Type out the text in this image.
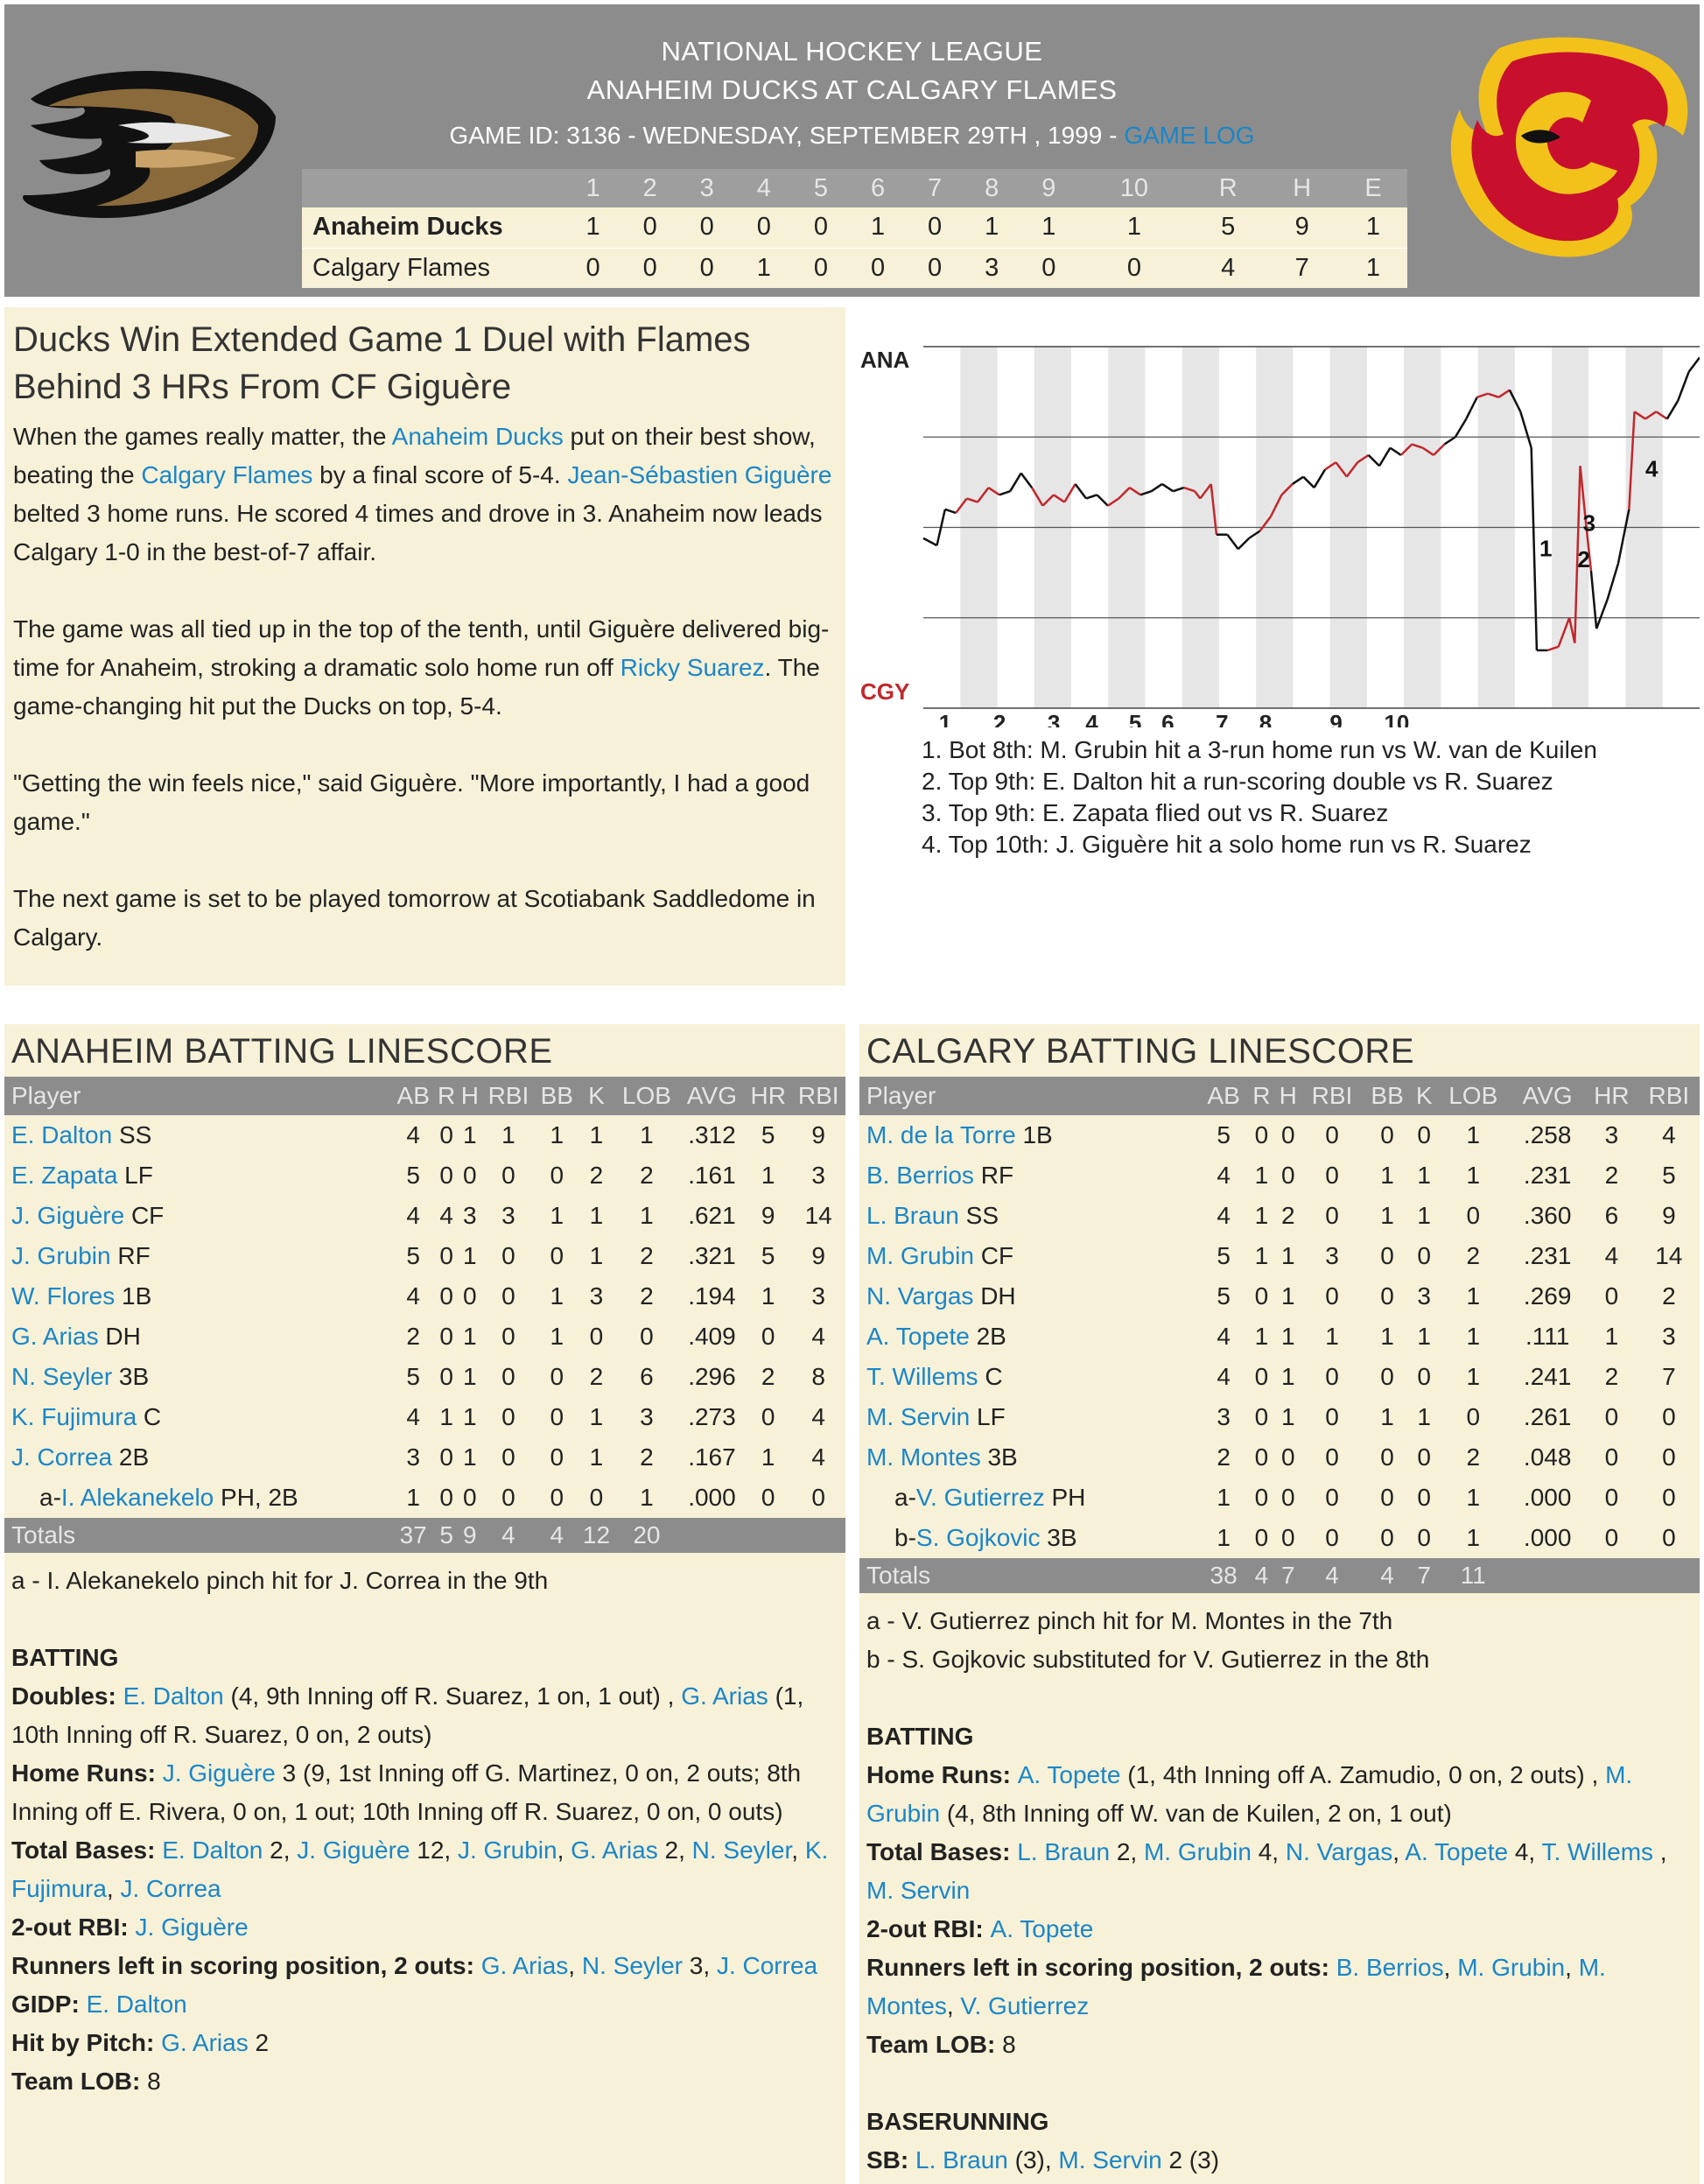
NATIONAL HOCKEY LEAGUE
ANAHEIM DUCKS AT CALGARY FLAMES
GAME ID: 3136 - WEDNESDAY, SEPTEMBER 29TH , 1999 - GAME LOG
	1	2	3	4	5	6	7	8	9	10	R	H	E
Anaheim Ducks	1	0	0	0	0	1	0	1	1	1	5	9	1
Calgary Flames	0	0	0	1	0	0	0	3	0	0	4	7	1
Ducks Win Extended Game 1 Duel with Flames Behind 3 HRs From CF Giguère
When the games really matter, the Anaheim Ducks put on their best show, beating the Calgary Flames by a final score of 5-4. Jean-Sébastien Giguère belted 3 home runs. He scored 4 times and drove in 3. Anaheim now leads Calgary 1-0 in the best-of-7 affair.
The game was all tied up in the top of the tenth, until Giguère delivered big-time for Anaheim, stroking a dramatic solo home run off Ricky Suarez. The game-changing hit put the Ducks on top, 5-4.
"Getting the win feels nice," said Giguère. "More importantly, I had a good game."
The next game is set to be played tomorrow at Scotiabank Saddledome in Calgary.
ANA
CGY
1 2 3 4 5 6 7 8	9 10
1 2
3
4
1. Bot 8th: M. Grubin hit a 3-run home run vs W. van de Kuilen
2. Top 9th: E. Dalton hit a run-scoring double vs R. Suarez
3. Top 9th: E. Zapata flied out vs R. Suarez
4. Top 10th: J. Giguère hit a solo home run vs R. Suarez
ANAHEIM BATTING LINESCORE
Player	AB	R	H	RBI	BB	K	LOB	AVG	HR	RBI
E. Dalton SS	4	0	1	1	1	1	1	.312	5	9
E. Zapata LF	5	0	0	0	0	2	2	.161	1	3
J. Giguère CF	4	4	3	3	1	1	1	.621	9	14
J. Grubin RF	5	0	1	0	0	1	2	.321	5	9
W. Flores 1B	4	0	0	0	1	3	2	.194	1	3
G. Arias DH	2	0	1	0	1	0	0	.409	0	4
N. Seyler 3B	5	0	1	0	0	2	6	.296	2	8
K. Fujimura C	4	1	1	0	0	1	3	.273	0	4
J. Correa 2B	3	0	1	0	0	1	2	.167	1	4
a-I. Alekanekelo PH, 2B	1	0	0	0	0	0	1	.000	0	0
Totals	37	5	9	4	4	12	20			
a - I. Alekanekelo pinch hit for J. Correa in the 9th
BATTING
Doubles: E. Dalton (4, 9th Inning off R. Suarez, 1 on, 1 out) , G. Arias (1, 10th Inning off R. Suarez, 0 on, 2 outs)
Home Runs: J. Giguère 3 (9, 1st Inning off G. Martinez, 0 on, 2 outs; 8th Inning off E. Rivera, 0 on, 1 out; 10th Inning off R. Suarez, 0 on, 0 outs)
Total Bases: E. Dalton 2, J. Giguère 12, J. Grubin, G. Arias 2, N. Seyler, K. Fujimura, J. Correa
2-out RBI: J. Giguère
Runners left in scoring position, 2 outs: G. Arias, N. Seyler 3, J. Correa
GIDP: E. Dalton
Hit by Pitch: G. Arias 2
Team LOB: 8
CALGARY BATTING LINESCORE
Player	AB	R	H	RBI	BB	K	LOB	AVG	HR	RBI
M. de la Torre 1B	5	0	0	0	0	0	1	.258	3	4
B. Berrios RF	4	1	0	0	1	1	1	.231	2	5
L. Braun SS	4	1	2	0	1	1	0	.360	6	9
M. Grubin CF	5	1	1	3	0	0	2	.231	4	14
N. Vargas DH	5	0	1	0	0	3	1	.269	0	2
A. Topete 2B	4	1	1	1	1	1	1	.111	1	3
T. Willems C	4	0	1	0	0	0	1	.241	2	7
M. Servin LF	3	0	1	0	1	1	0	.261	0	0
M. Montes 3B	2	0	0	0	0	0	2	.048	0	0
a-V. Gutierrez PH	1	0	0	0	0	0	1	.000	0	0
b-S. Gojkovic 3B	1	0	0	0	0	0	1	.000	0	0
Totals	38	4	7	4	4	7	11			
a - V. Gutierrez pinch hit for M. Montes in the 7th
b - S. Gojkovic substituted for V. Gutierrez in the 8th
BATTING
Home Runs: A. Topete (1, 4th Inning off A. Zamudio, 0 on, 2 outs) , M. Grubin (4, 8th Inning off W. van de Kuilen, 2 on, 1 out)
Total Bases: L. Braun 2, M. Grubin 4, N. Vargas, A. Topete 4, T. Willems , M. Servin
2-out RBI: A. Topete
Runners left in scoring position, 2 outs: B. Berrios, M. Grubin, M. Montes, V. Gutierrez
Team LOB: 8
BASERUNNING
SB: L. Braun (3), M. Servin 2 (3)
